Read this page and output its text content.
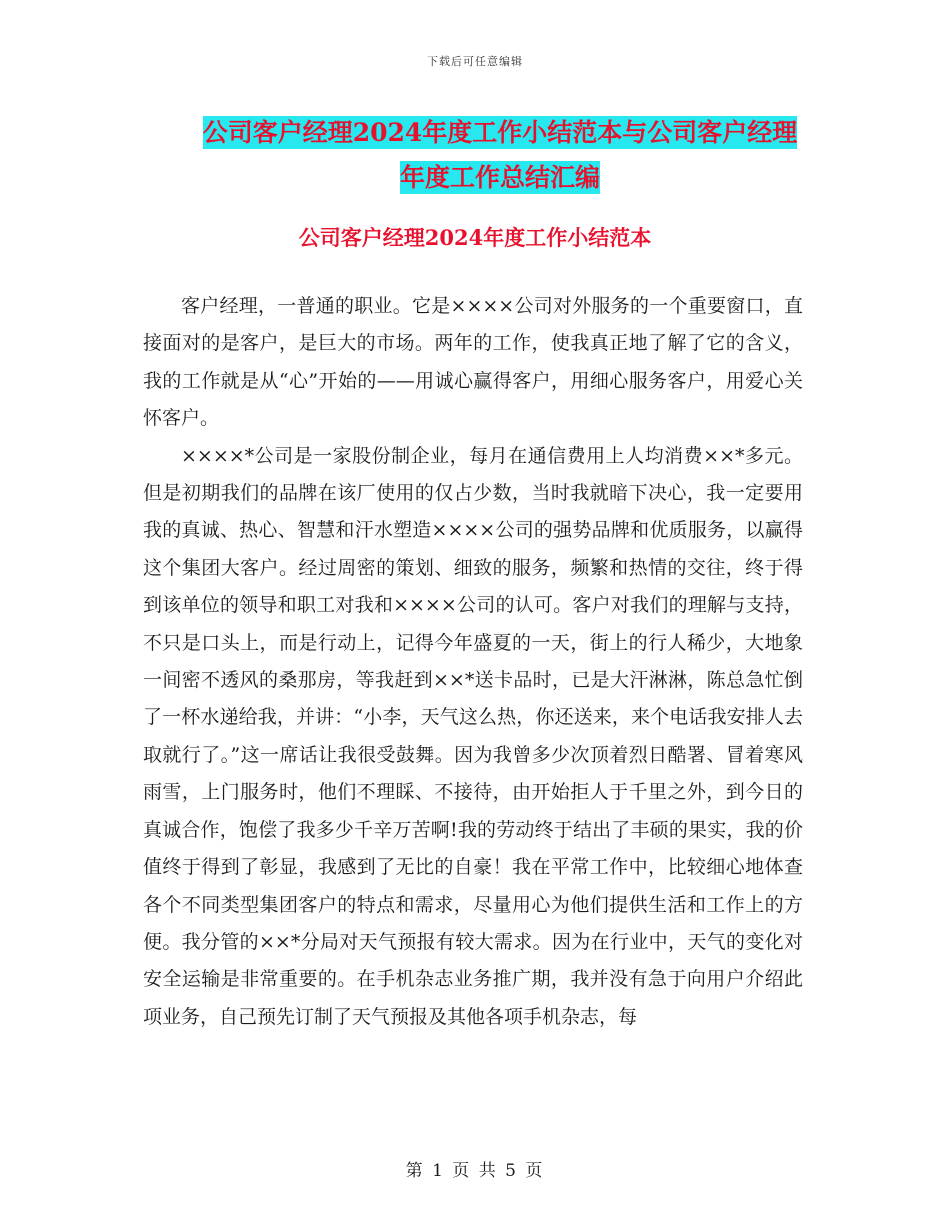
下载后可任意编辑
公司客户经理2024年度工作小结范本与公司客户经理
年度工作总结汇编
公司客户经理2024年度工作小结范本

客户经理，一普通的职业。它是××××公司对外服务的一个重要窗口，直接面对的是客户，是巨大的市场。两年的工作，使我真正地了解了它的含义，我的工作就是从“心”开始的——用诚心赢得客户，用细心服务客户，用爱心关怀客户。

××××*公司是一家股份制企业，每月在通信费用上人均消费××*多元。但是初期我们的品牌在该厂使用的仅占少数，当时我就暗下决心，我一定要用我的真诚、热心、智慧和汗水塑造××××公司的强势品牌和优质服务，以赢得这个集团大客户。经过周密的策划、细致的服务，频繁和热情的交往，终于得到该单位的领导和职工对我和××××公司的认可。客户对我们的理解与支持，不只是口头上，而是行动上，记得今年盛夏的一天，街上的行人稀少，大地象一间密不透风的桑那房，等我赶到××*送卡品时，已是大汗淋淋，陈总急忙倒了一杯水递给我，并讲：“小李，天气这么热，你还送来，来个电话我安排人去取就行了。”这一席话让我很受鼓舞。因为我曾多少次顶着烈日酷署、冒着寒风雨雪，上门服务时，他们不理睬、不接待，由开始拒人于千里之外，到今日的真诚合作，饱偿了我多少千辛万苦啊!我的劳动终于结出了丰硕的果实，我的价值终于得到了彰显，我感到了无比的自豪！我在平常工作中，比较细心地体查各个不同类型集团客户的特点和需求，尽量用心为他们提供生活和工作上的方便。我分管的××*分局对天气预报有较大需求。因为在行业中，天气的变化对安全运输是非常重要的。在手机杂志业务推广期，我并没有急于向用户介绍此项业务，自己预先订制了天气预报及其他各项手机杂志，每

第 1 页 共 5 页
